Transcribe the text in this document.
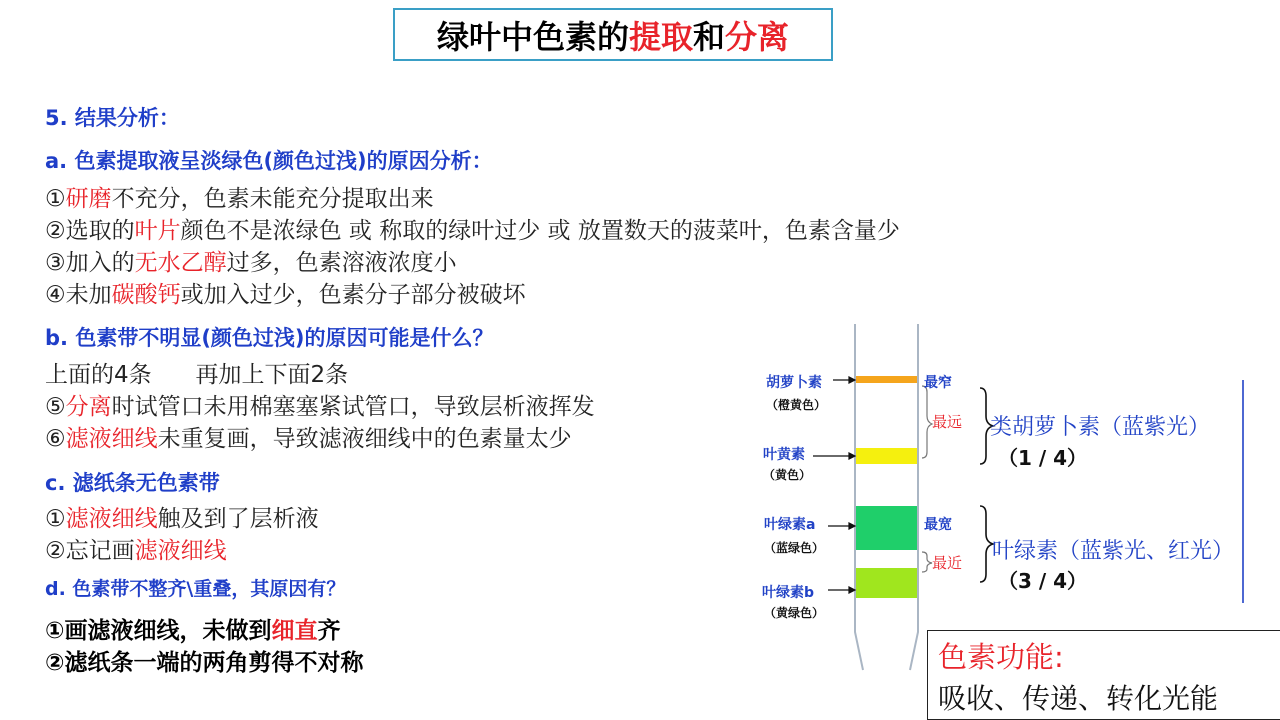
绿叶中色素的 提取 和 分离
5. 结果分析：
a. 色素提取液呈淡绿色(颜色过浅)的原因分析：
①研磨不充分，色素未能充分提取出来
②选取的叶片颜色不是浓绿色 或 称取的绿叶过少 或 放置数天的菠菜叶，色素含量少
③加入的无水乙醇过多，色素溶液浓度小
④未加碳酸钙或加入过少，色素分子部分被破坏
b. 色素带不明显(颜色过浅)的原因可能是什么？
上面的4条      再加上下面2条
⑤分离时试管口未用棉塞塞紧试管口，导致层析液挥发
⑥滤液细线未重复画，导致滤液细线中的色素量太少
c. 滤纸条无色素带
①滤液细线触及到了层析液
②忘记画滤液细线
d. 色素带不整齐\重叠，其原因有？
①画滤液细线，未做到细直齐
②滤纸条一端的两角剪得不对称
胡萝卜素
（橙黄色）
叶黄素
（黄色）
叶绿素a
（蓝绿色）
叶绿素b
（黄绿色）
最窄
最远
最宽
最近
类胡萝卜素（蓝紫光）
（1 / 4）
叶绿素（蓝紫光、红光）
（3 / 4）
色素功能:
吸收、传递、转化光能
